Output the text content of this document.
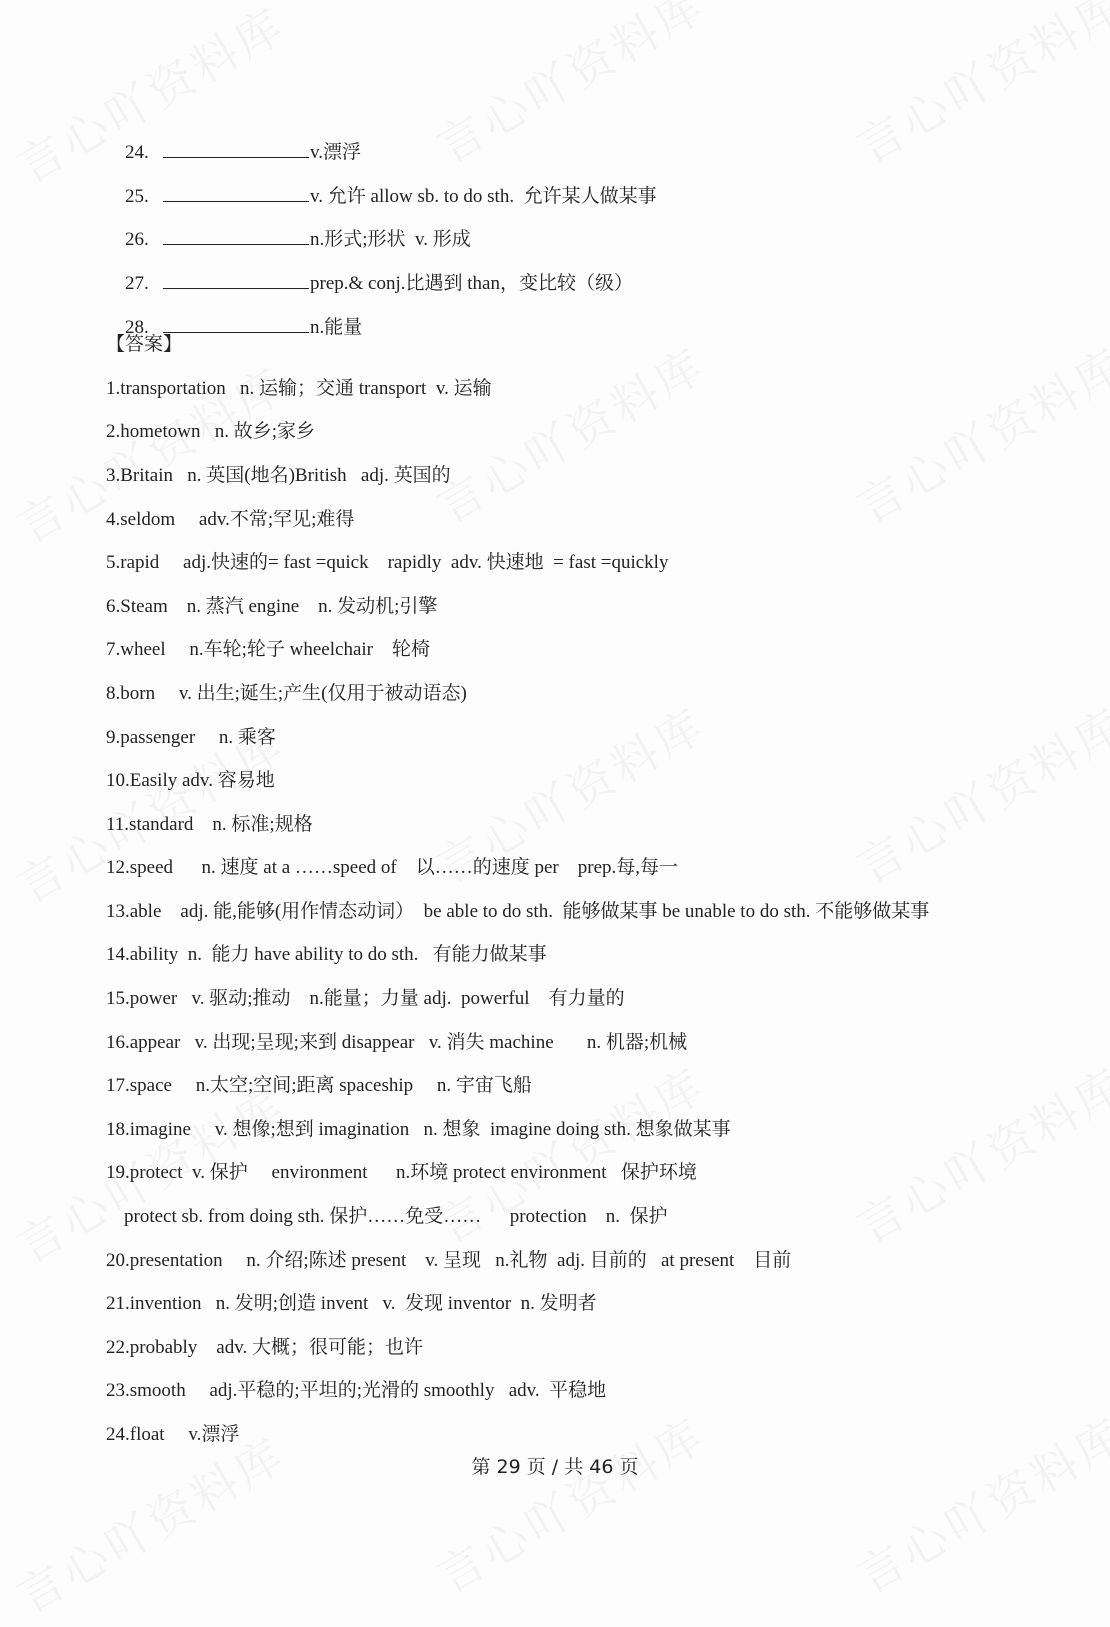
24.	v.漂浮

25.	v. 允许 allow sb. to do sth.  允许某人做某事

26.	n.形式;形状  v. 形成

27.	prep.& conj.比遇到 than，变比较（级）

28.	n.能量

【答案】
1.transportation   n. 运输；交通 transport  v. 运输
2.hometown   n. 故乡;家乡
3.Britain   n. 英国(地名)British   adj. 英国的
4.seldom     adv.不常;罕见;难得
5.rapid     adj.快速的= fast =quick    rapidly  adv. 快速地  = fast =quickly
6.Steam    n. 蒸汽 engine    n. 发动机;引擎
7.wheel     n.车轮;轮子 wheelchair    轮椅
8.born     v. 出生;诞生;产生(仅用于被动语态)
9.passenger     n. 乘客
10.Easily adv. 容易地
11.standard    n. 标准;规格
12.speed      n. 速度 at a ……speed of    以……的速度 per    prep.每,每一
13.able    adj. 能,能够(用作情态动词）  be able to do sth.  能够做某事 be unable to do sth. 不能够做某事
14.ability  n.  能力 have ability to do sth.   有能力做某事
15.power   v. 驱动;推动    n.能量；力量 adj.  powerful    有力量的
16.appear   v. 出现;呈现;来到 disappear   v. 消失 machine       n. 机器;机械
17.space     n.太空;空间;距离 spaceship     n. 宇宙飞船
18.imagine     v. 想像;想到 imagination   n. 想象  imagine doing sth. 想象做某事
19.protect  v. 保护     environment      n.环境 protect environment   保护环境
protect sb. from doing sth. 保护……免受……      protection    n.  保护
20.presentation     n. 介绍;陈述 present    v. 呈现   n.礼物  adj. 目前的   at present    目前
21.invention   n. 发明;创造 invent   v.  发现 inventor  n. 发明者
22.probably    adv. 大概；很可能；也许
23.smooth     adj.平稳的;平坦的;光滑的 smoothly   adv.  平稳地
24.float     v.漂浮
第 29 页 / 共 46 页
